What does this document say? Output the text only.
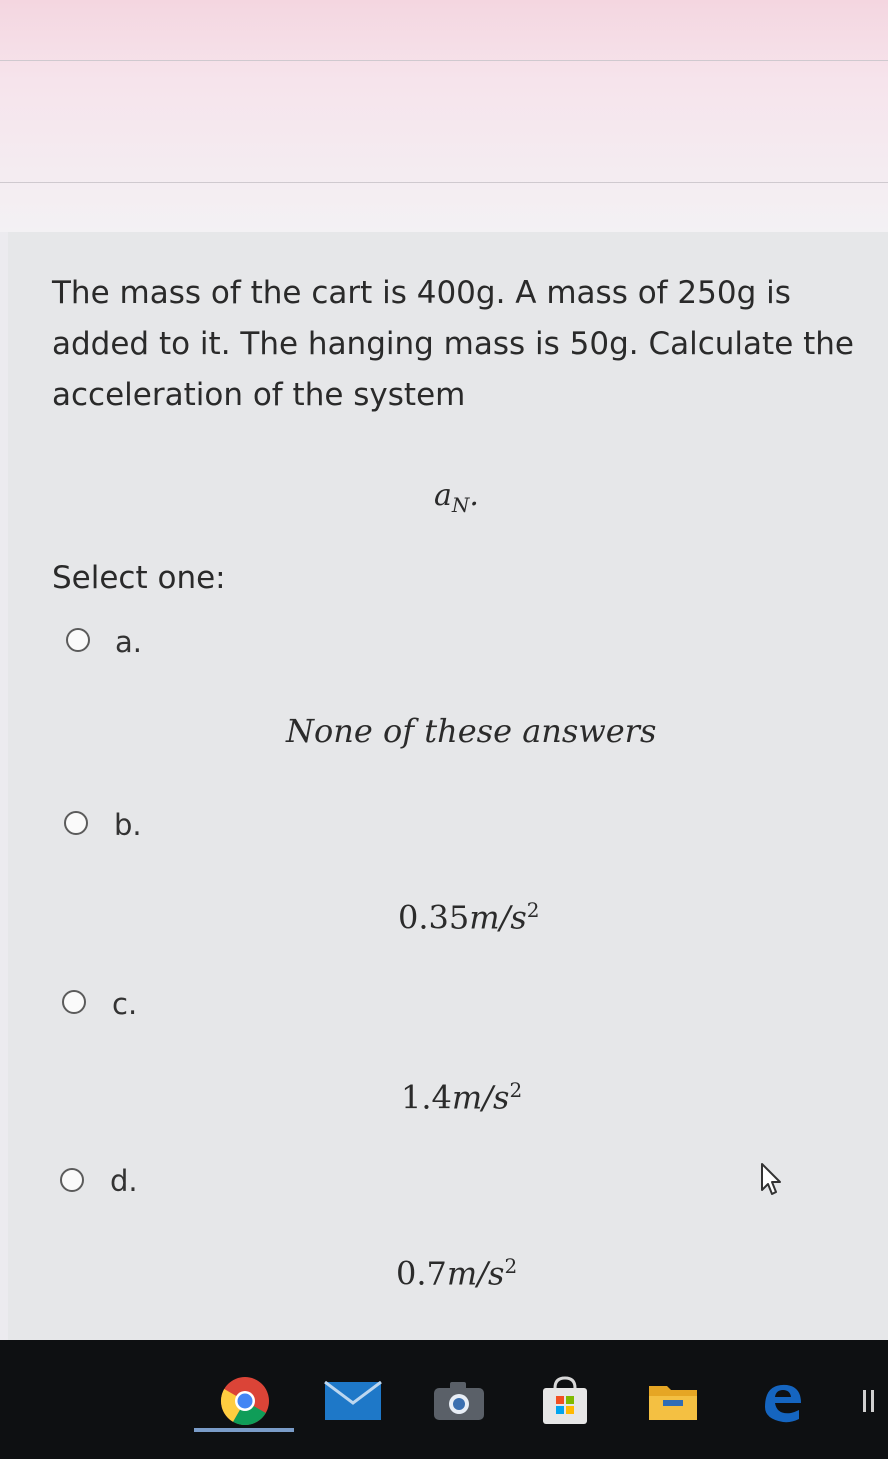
The mass of the cart is 400g. A mass of 250g is added to it. The hanging mass is 50g. Calculate the acceleration of the system
$a_N$.
Select one:
a.
None of these answers
b.
$0.35m/s^2$
c.
$1.4m/s^2$
d.
$0.7m/s^2$
